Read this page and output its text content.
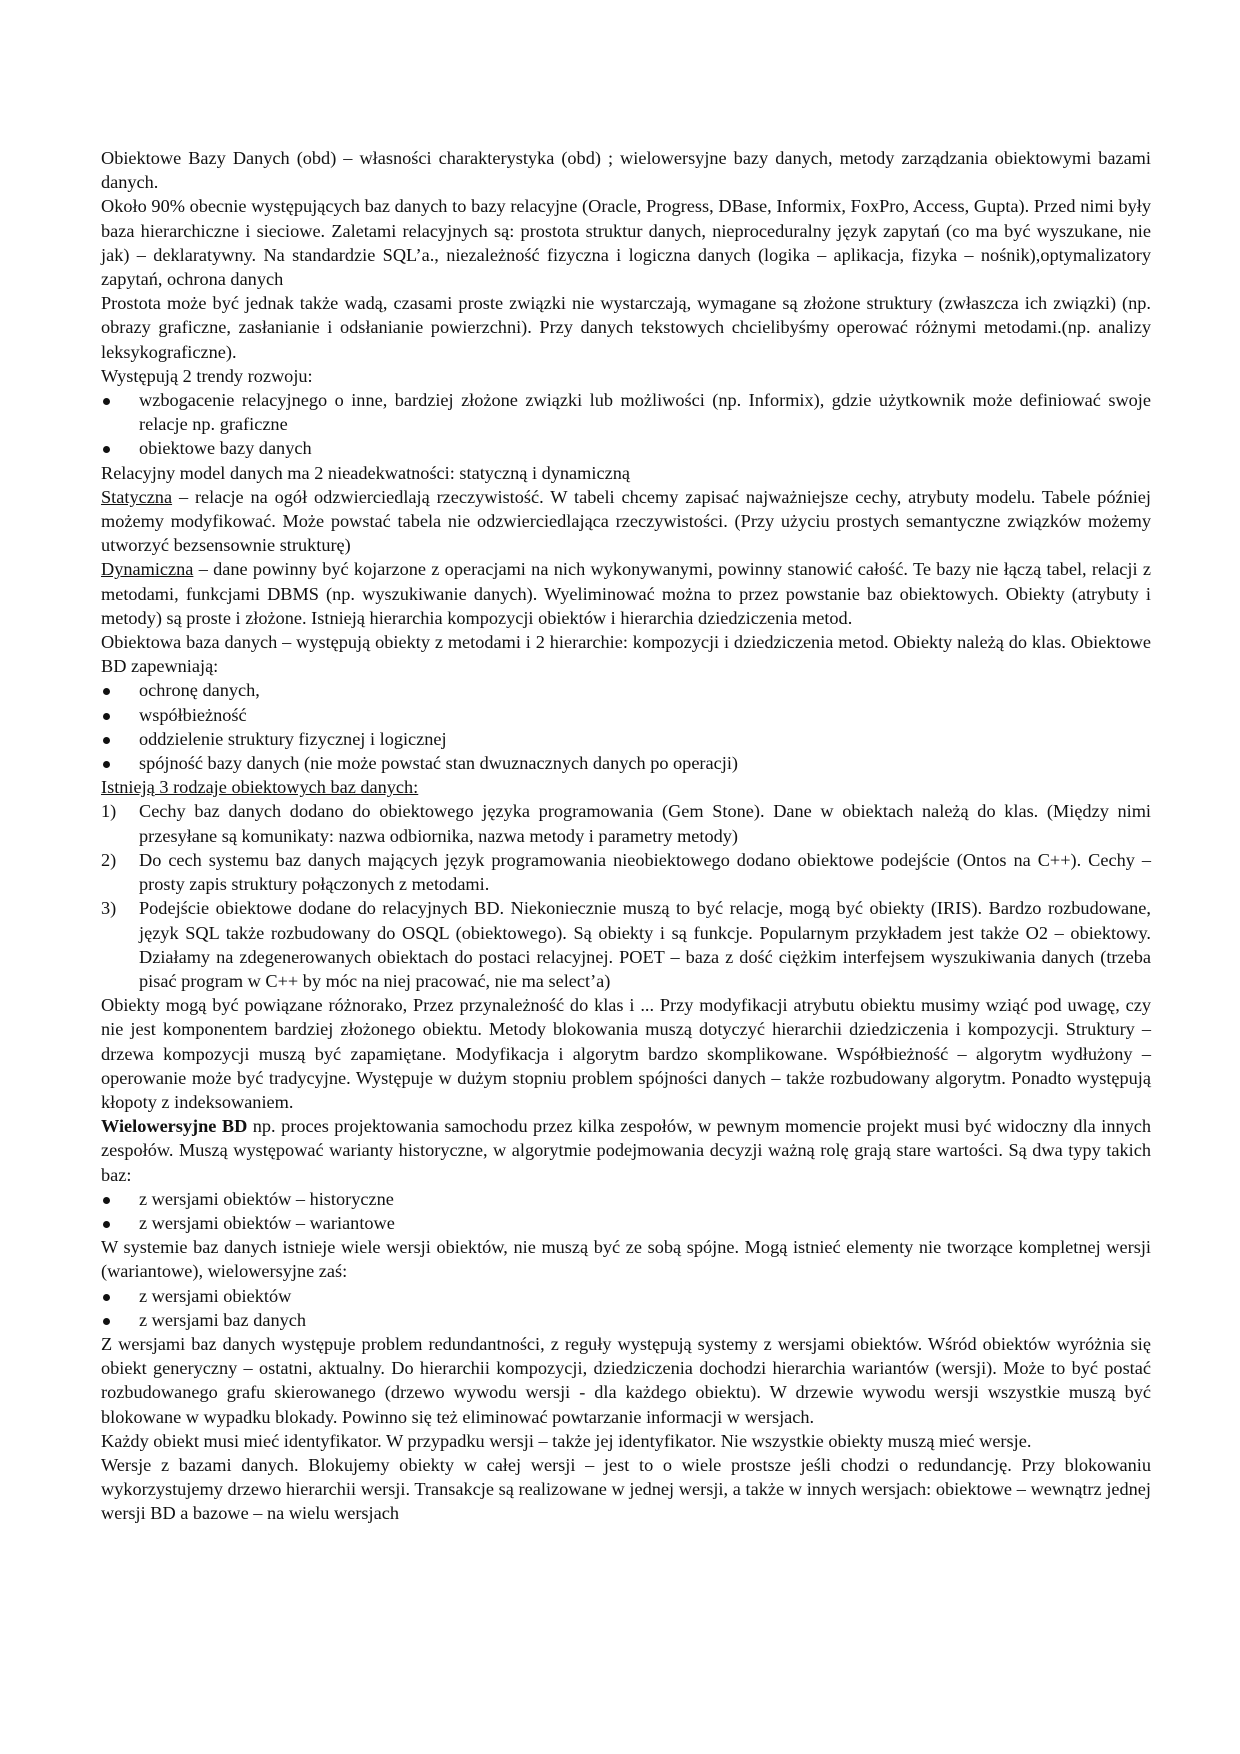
Obiektowe Bazy Danych (obd) – własności charakterystyka (obd) ; wielowersyjne bazy danych, metody zarządzania obiektowymi bazami danych.

Około 90% obecnie występujących baz danych to bazy relacyjne (Oracle, Progress, DBase, Informix, FoxPro, Access, Gupta). Przed nimi były baza hierarchiczne i sieciowe. Zaletami relacyjnych są: prostota struktur danych, nieproceduralny język zapytań (co ma być wyszukane, nie jak) – deklaratywny. Na standardzie SQL’a., niezależność fizyczna i logiczna danych (logika – aplikacja, fizyka – nośnik),optymalizatory zapytań, ochrona danych

Prostota może być jednak także wadą, czasami proste związki nie wystarczają, wymagane są złożone struktury (zwłaszcza ich związki) (np. obrazy graficzne, zasłanianie i odsłanianie powierzchni). Przy danych tekstowych chcielibyśmy operować różnymi metodami.(np. analizy leksykograficzne).

Występują 2 trendy rozwoju:

wzbogacenie relacyjnego o inne, bardziej złożone związki lub możliwości (np. Informix), gdzie użytkownik może definiować swoje relacje np. graficzne
obiektowe bazy danych

Relacyjny model danych ma 2 nieadekwatności: statyczną i dynamiczną

Statyczna – relacje na ogół odzwierciedlają rzeczywistość. W tabeli chcemy zapisać najważniejsze cechy, atrybuty modelu. Tabele później możemy modyfikować. Może powstać tabela nie odzwierciedlająca rzeczywistości. (Przy użyciu prostych semantyczne związków możemy utworzyć bezsensownie strukturę)

Dynamiczna – dane powinny być kojarzone z operacjami na nich wykonywanymi, powinny stanowić całość. Te bazy nie łączą tabel, relacji z metodami, funkcjami DBMS (np. wyszukiwanie danych). Wyeliminować można to przez powstanie baz obiektowych. Obiekty (atrybuty i metody) są proste i złożone. Istnieją hierarchia kompozycji obiektów i hierarchia dziedziczenia metod.

Obiektowa baza danych – występują obiekty z metodami i 2 hierarchie: kompozycji i dziedziczenia metod. Obiekty należą do klas. Obiektowe BD zapewniają:

ochronę danych,
współbieżność
oddzielenie struktury fizycznej i logicznej
spójność bazy danych (nie może powstać stan dwuznacznych danych po operacji)

Istnieją 3 rodzaje obiektowych baz danych:

1) Cechy baz danych dodano do obiektowego języka programowania (Gem Stone). Dane w obiektach należą do klas. (Między nimi przesyłane są komunikaty: nazwa odbiornika, nazwa metody i parametry metody)
2) Do cech systemu baz danych mających język programowania nieobiektowego dodano obiektowe podejście (Ontos na C++). Cechy – prosty zapis struktury połączonych z metodami.
3) Podejście obiektowe dodane do relacyjnych BD. Niekoniecznie muszą to być relacje, mogą być obiekty (IRIS). Bardzo rozbudowane, język SQL także rozbudowany do OSQL (obiektowego). Są obiekty i są funkcje. Popularnym przykładem jest także O2 – obiektowy. Działamy na zdegenerowanych obiektach do postaci relacyjnej. POET – baza z dość ciężkim interfejsem wyszukiwania danych (trzeba pisać program w C++ by móc na niej pracować, nie ma select’a)

Obiekty mogą być powiązane różnorako, Przez przynależność do klas i ... Przy modyfikacji atrybutu obiektu musimy wziąć pod uwagę, czy nie jest komponentem bardziej złożonego obiektu. Metody blokowania muszą dotyczyć hierarchii dziedziczenia i kompozycji. Struktury – drzewa kompozycji muszą być zapamiętane. Modyfikacja i algorytm bardzo skomplikowane. Współbieżność – algorytm wydłużony – operowanie może być tradycyjne. Występuje w dużym stopniu problem spójności danych – także rozbudowany algorytm. Ponadto występują kłopoty z indeksowaniem.

Wielowersyjne BD np. proces projektowania samochodu przez kilka zespołów, w pewnym momencie projekt musi być widoczny dla innych zespołów. Muszą występować warianty historyczne, w algorytmie podejmowania decyzji ważną rolę grają stare wartości. Są dwa typy takich baz:

z wersjami obiektów – historyczne
z wersjami obiektów – wariantowe

W systemie baz danych istnieje wiele wersji obiektów, nie muszą być ze sobą spójne. Mogą istnieć elementy nie tworzące kompletnej wersji (wariantowe), wielowersyjne zaś:

z wersjami obiektów
z wersjami baz danych

Z wersjami baz danych występuje problem redundantności, z reguły występują systemy z wersjami obiektów. Wśród obiektów wyróżnia się obiekt generyczny – ostatni, aktualny. Do hierarchii kompozycji, dziedziczenia dochodzi hierarchia wariantów (wersji). Może to być postać rozbudowanego grafu skierowanego (drzewo wywodu wersji - dla każdego obiektu). W drzewie wywodu wersji wszystkie muszą być blokowane w wypadku blokady. Powinno się też eliminować powtarzanie informacji w wersjach.

Każdy obiekt musi mieć identyfikator. W przypadku wersji – także jej identyfikator. Nie wszystkie obiekty muszą mieć wersje.

Wersje z bazami danych. Blokujemy obiekty w całej wersji – jest to o wiele prostsze jeśli chodzi o redundancję. Przy blokowaniu wykorzystujemy drzewo hierarchii wersji. Transakcje są realizowane w jednej wersji, a także w innych wersjach: obiektowe – wewnątrz jednej wersji BD a bazowe – na wielu wersjach
